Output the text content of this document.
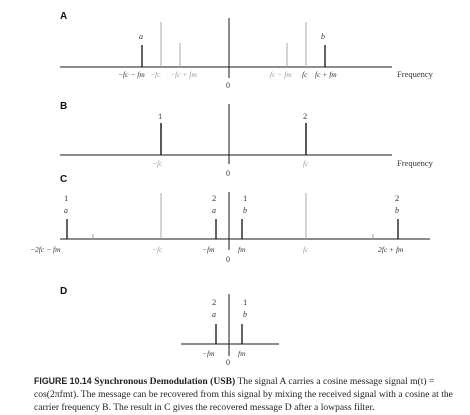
A
a	b
−fc − fm −fc −fc + fm	fc − fm fc fc + fm
0
Frequency
B
1	2
−fc	fc
0
Frequency
C
1
a
2
a
1
b
2
b
−2fc − fm	−fc	−fm	fm	fc	2fc + fm
0
D
2
a
1
b
−fm	fm
0
FIGURE 10.14 Synchronous Demodulation (USB) The signal A carries a cosine message signal m(t) = cos(2πfmt). The message can be recovered from this signal by mixing the received signal with a cosine at the carrier frequency B. The result in C gives the recovered message D after a lowpass filter.
